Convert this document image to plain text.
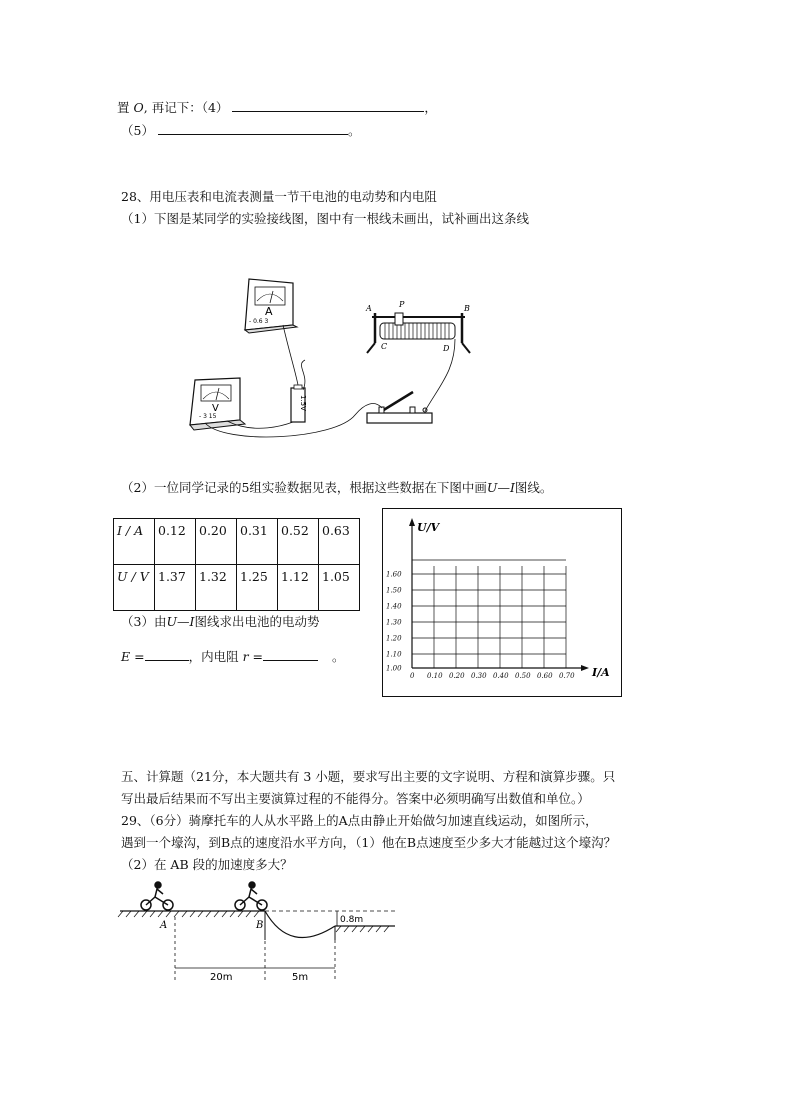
置 O, 再记下：（4）	，
（5）	。
28、用电压表和电流表测量一节干电池的电动势和内电阻
（1）下图是某同学的实验接线图，图中有一根线未画出，试补画出这条线
A
- 0.6 3
V
- 3 15
1.5V
A	P	B
C	D
（2）一位同学记录的5组实验数据见表，根据这些数据在下图中画U—I图线。
I / A	0.12	0.20	0.31	0.52	0.63
U / V	1.37	1.32	1.25	1.12	1.05
（3）由U—I图线求出电池的电动势
E =	，内电阻 r =	。
U/V
I/A
1.00
1.10
1.20
1.30
1.40
1.50
1.60
0 0.10 0.20 0.30 0.40 0.50 0.60 0.70
五、计算题（21分，本大题共有 3 小题，要求写出主要的文字说明、方程和演算步骤。只
写出最后结果而不写出主要演算过程的不能得分。答案中必须明确写出数值和单位。）
29、（6分）骑摩托车的人从水平路上的A点由静止开始做匀加速直线运动，如图所示，
遇到一个壕沟，到B点的速度沿水平方向，（1）他在B点速度至少多大才能越过这个壕沟？
（2）在 AB 段的加速度多大？
0.8m
A	B
20m	5m
